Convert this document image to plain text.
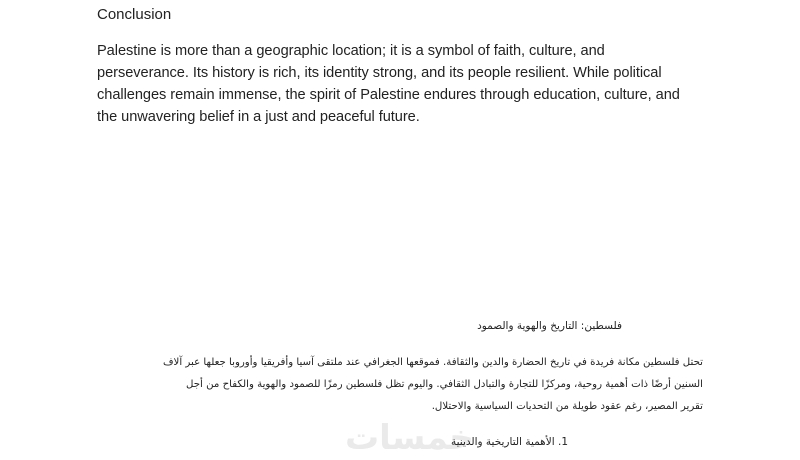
Conclusion
Palestine is more than a geographic location; it is a symbol of faith, culture, and
perseverance. Its history is rich, its identity strong, and its people resilient. While political
challenges remain immense, the spirit of Palestine endures through education, culture, and
the unwavering belief in a just and peaceful future.
فلسطين: التاريخ والهوية والصمود
تحتل فلسطين مكانة فريدة في تاريخ الحضارة والدين والثقافة. فموقعها الجغرافي عند ملتقى آسيا وأفريقيا وأوروبا جعلها عبر آلاف
السنين أرضًا ذات أهمية روحية، ومركزًا للتجارة والتبادل الثقافي. واليوم تظل فلسطين رمزًا للصمود والهوية والكفاح من أجل
تقرير المصير، رغم عقود طويلة من التحديات السياسية والاحتلال.
خمسات
1. الأهمية التاريخية والدينية
